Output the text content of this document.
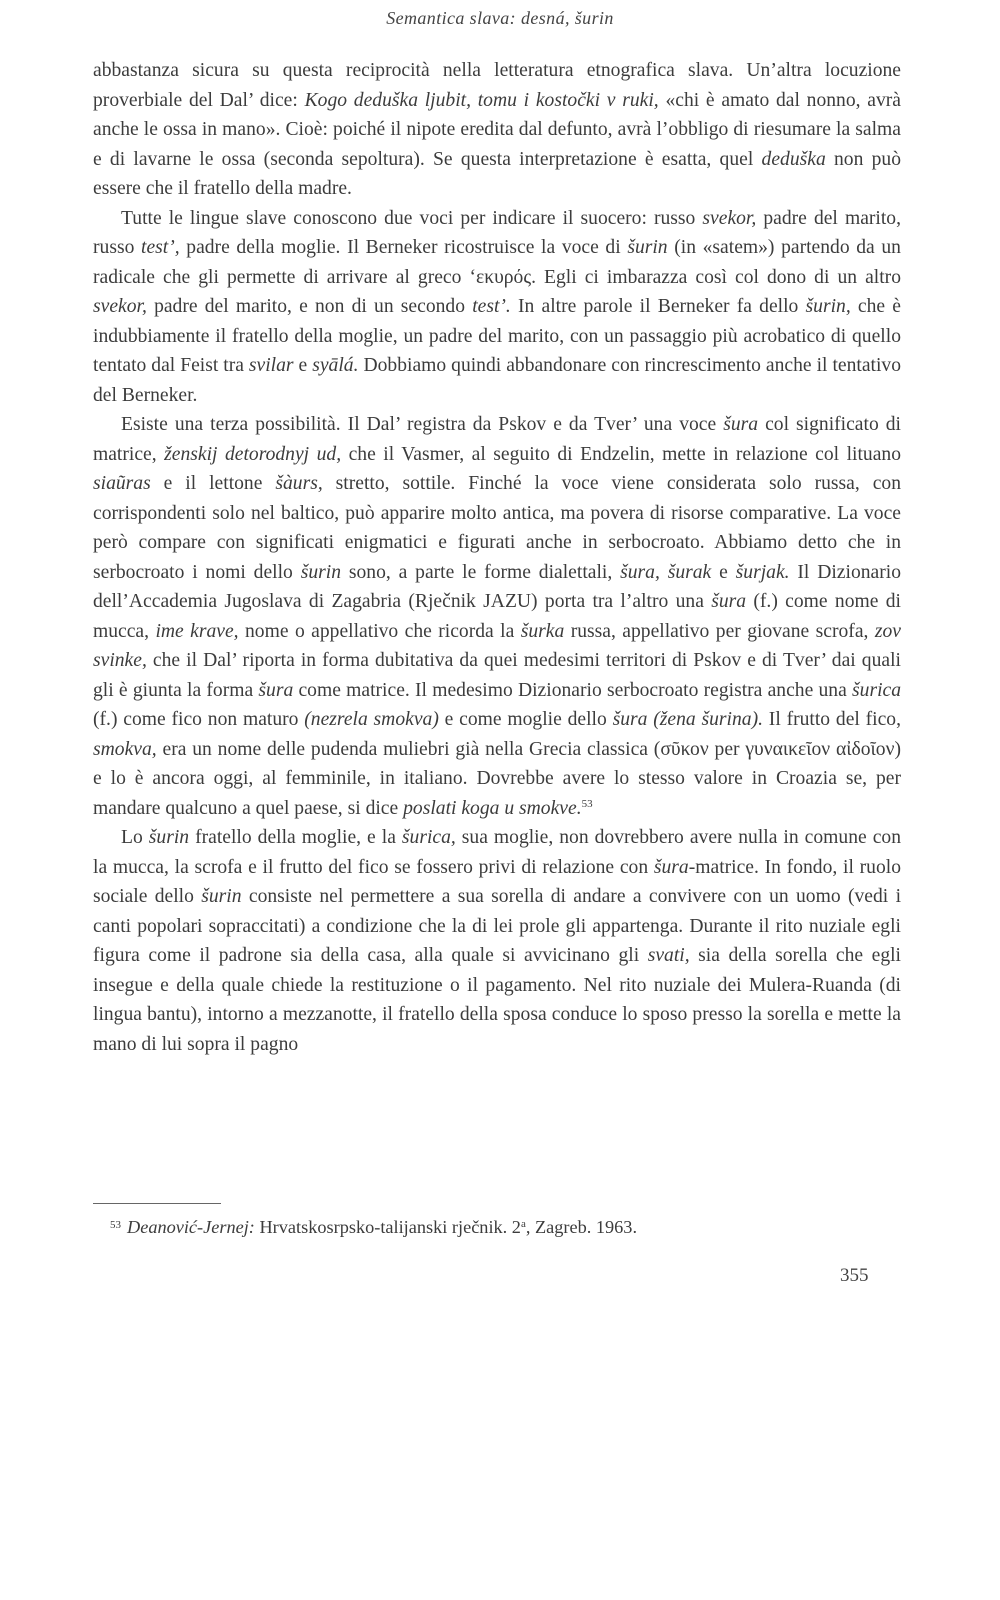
Semantica slava: desná, šurin

abbastanza sicura su questa reciprocità nella letteratura etnografica slava. Un’altra locuzione proverbiale del Dal’ dice: Kogo deduška ljubit, tomu i kostočki v ruki, «chi è amato dal nonno, avrà anche le ossa in mano». Cioè: poiché il nipote eredita dal defunto, avrà l’obbligo di riesumare la salma e di lavarne le ossa (seconda sepoltura). Se questa interpretazione è esatta, quel deduška non può essere che il fratello della madre.

Tutte le lingue slave conoscono due voci per indicare il suocero: russo svekor, padre del marito, russo test’, padre della moglie. Il Berneker ricostruisce la voce di šurin (in «satem») partendo da un radicale che gli permette di arrivare al greco ‘εκυρός. Egli ci imbarazza così col dono di un altro svekor, padre del marito, e non di un secondo test’. In altre parole il Berneker fa dello šurin, che è indubbiamente il fratello della moglie, un padre del marito, con un passaggio più acrobatico di quello tentato dal Feist tra svilar e syālá. Dobbiamo quindi abbandonare con rincrescimento anche il tentativo del Berneker.

Esiste una terza possibilità. Il Dal’ registra da Pskov e da Tver’ una voce šura col significato di matrice, ženskij detorodnyj ud, che il Vasmer, al seguito di Endzelin, mette in relazione col lituano siaũras e il lettone šàurs, stretto, sottile. Finché la voce viene considerata solo russa, con corrispondenti solo nel baltico, può apparire molto antica, ma povera di risorse comparative. La voce però compare con significati enigmatici e figurati anche in serbocroato. Abbiamo detto che in serbocroato i nomi dello šurin sono, a parte le forme dialettali, šura, šurak e šurjak. Il Dizionario dell’Accademia Jugoslava di Zagabria (Rječnik JAZU) porta tra l’altro una šura (f.) come nome di mucca, ime krave, nome o appellativo che ricorda la šurka russa, appellativo per giovane scrofa, zov svinke, che il Dal’ riporta in forma dubitativa da quei medesimi territori di Pskov e di Tver’ dai quali gli è giunta la forma šura come matrice. Il medesimo Dizionario serbocroato registra anche una šurica (f.) come fico non maturo (nezrela smokva) e come moglie dello šura (žena šurina). Il frutto del fico, smokva, era un nome delle pudenda muliebri già nella Grecia classica (σῦκον per γυναικεῖον αἰδοῖον) e lo è ancora oggi, al femminile, in italiano. Dovrebbe avere lo stesso valore in Croazia se, per mandare qualcuno a quel paese, si dice poslati koga u smokve.$^{53}$

Lo šurin fratello della moglie, e la šurica, sua moglie, non dovrebbero avere nulla in comune con la mucca, la scrofa e il frutto del fico se fossero privi di relazione con šura-matrice. In fondo, il ruolo sociale dello šurin consiste nel permettere a sua sorella di andare a convivere con un uomo (vedi i canti popolari sopraccitati) a condizione che la di lei prole gli appartenga. Durante il rito nuziale egli figura come il padrone sia della casa, alla quale si avvicinano gli svati, sia della sorella che egli insegue e della quale chiede la restituzione o il pagamento. Nel rito nuziale dei Mulera-Ruanda (di lingua bantu), intorno a mezzanotte, il fratello della sposa conduce lo sposo presso la sorella e mette la mano di lui sopra il pagno

$^{53}$ Deanović-Jernej: Hrvatskosrpsko-talijanski rječnik. 2$^a$, Zagreb. 1963.
355
